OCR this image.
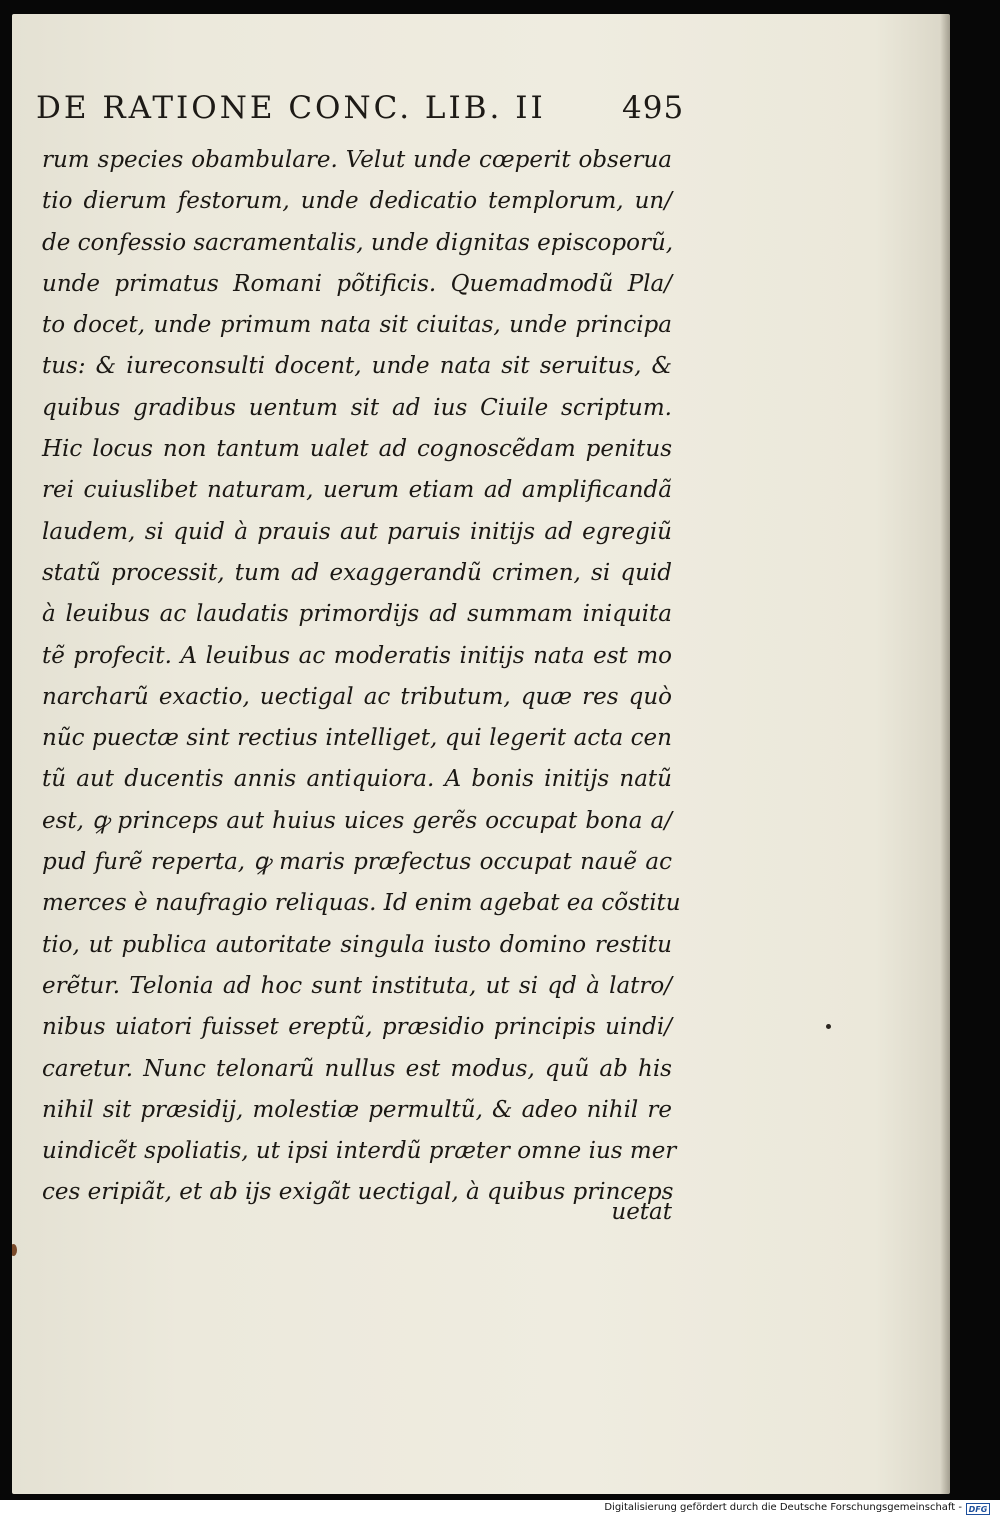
DE RATIONE CONC. LIB. II 495
rum species obambulare. Velut unde cœperit obserua
tio dierum festorum, unde dedicatio templorum, un/
de confessio sacramentalis, unde dignitas episcoporũ,
unde primatus Romani põtificis. Quemadmodũ Pla/
to docet, unde primum nata sit ciuitas, unde principa
tus: & iureconsulti docent, unde nata sit seruitus, &
quibus gradibus uentum sit ad ius Ciuile scriptum.
Hic locus non tantum ualet ad cognoscẽdam penitus
rei cuiuslibet naturam, uerum etiam ad amplificandã
laudem, si quid à prauis aut paruis initijs ad egregiũ
statũ processit, tum ad exaggerandũ crimen, si quid
à leuibus ac laudatis primordijs ad summam iniquita
tẽ profecit. A leuibus ac moderatis initijs nata est mo
narcharũ exactio, uectigal ac tributum, quæ res quò
nũc puectæ sint rectius intelliget, qui legerit acta cen
tũ aut ducentis annis antiquiora. A bonis initijs natũ
est, ꝙ princeps aut huius uices gerẽs occupat bona a/
pud furẽ reperta, ꝙ maris præfectus occupat nauẽ ac
merces è naufragio reliquas. Id enim agebat ea cõstitu
tio, ut publica autoritate singula iusto domino restitu
erẽtur. Telonia ad hoc sunt instituta, ut si qd à latro/
nibus uiatori fuisset ereptũ, præsidio principis uindi/
caretur. Nunc telonarũ nullus est modus, quũ ab his
nihil sit præsidij, molestiæ permultũ, & adeo nihil re
uindicẽt spoliatis, ut ipsi interdũ præter omne ius mer
ces eripiãt, et ab ijs exigãt uectigal, à quibus princeps
uetat
Digitalisierung gefördert durch die Deutsche Forschungsgemeinschaft - DFG
